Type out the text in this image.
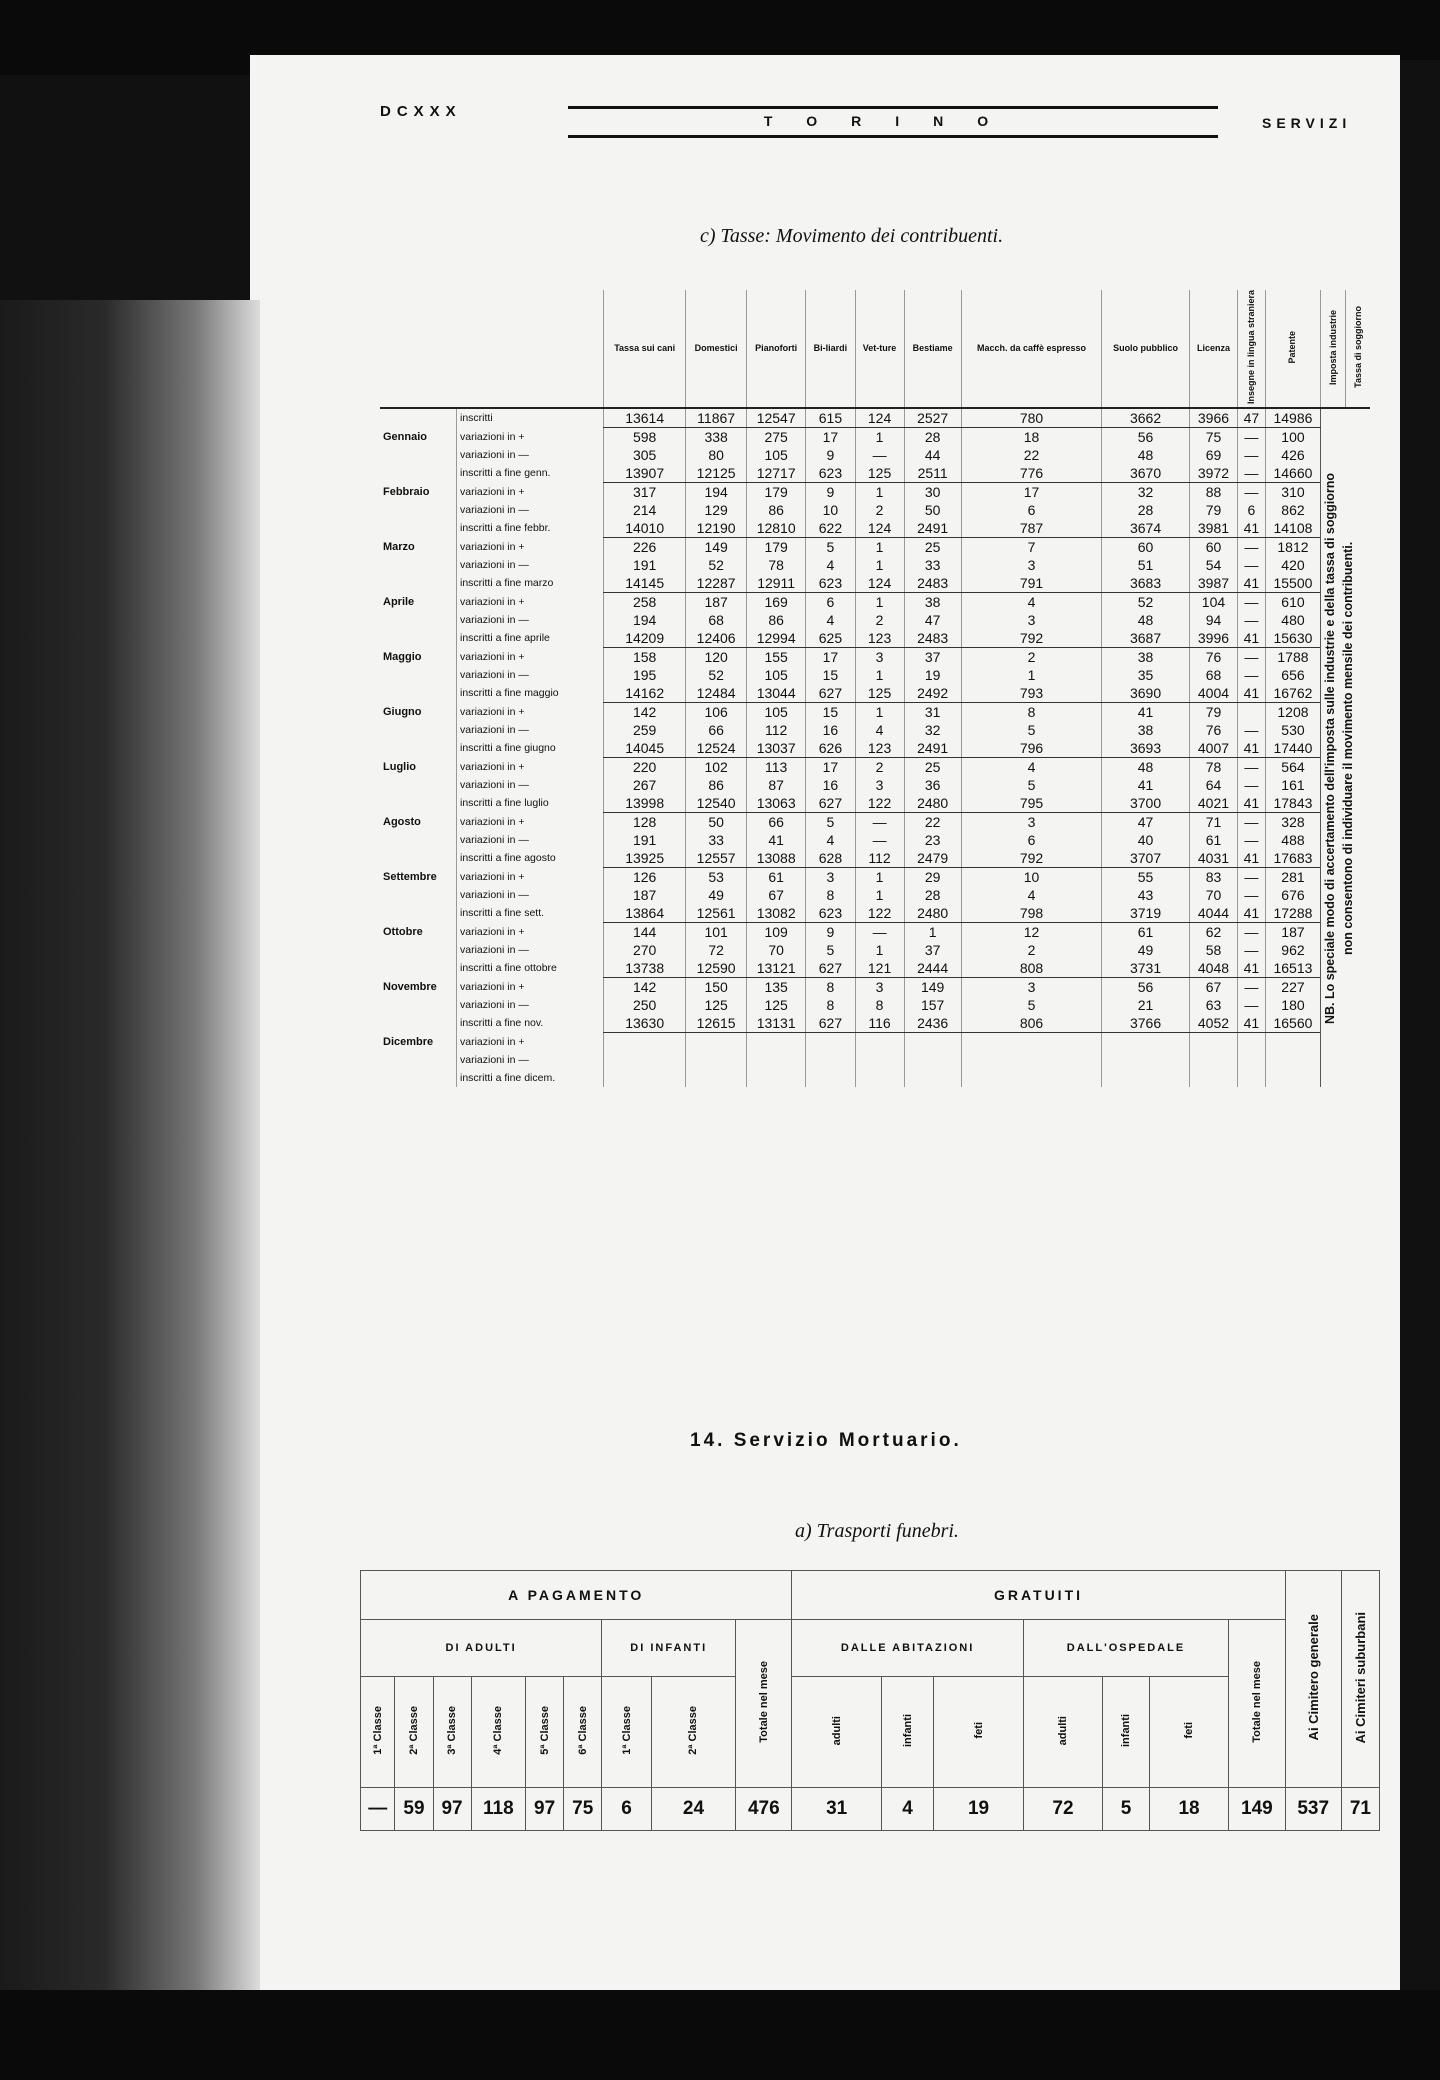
DCXXX
TORINO	SERVIZI
c) Tasse: Movimento dei contribuenti.
		Tassa sui cani	Domestici	Pianoforti	Bi-liardi	Vet-ture	Bestiame	Macch. da caffè espresso	Suolo pubblico	Licenza	Insegne in lingua straniera	Patente	Imposta industrie	Tassa di soggiorno
	inscritti	13614	11867	12547	615	124	2527	780	3662	3966	47	14986	NB. Lo speciale modo di accertamento dell'imposta sulle industrie e della tassa di soggiorno non consentono di individuare il movimento mensile dei contribuenti.	

Gennaio	variazioni in +	598	338	275	17	1	28	18	56	75	—	100		
	variazioni in —	305	80	105	9	—	44	22	48	69	—	426		
	inscritti a fine genn.	13907	12125	12717	623	125	2511	776	3670	3972	—	14660		
Febbraio	variazioni in +	317	194	179	9	1	30	17	32	88	—	310		
	variazioni in —	214	129	86	10	2	50	6	28	79	6	862		
	inscritti a fine febbr.	14010	12190	12810	622	124	2491	787	3674	3981	41	14108		
Marzo	variazioni in +	226	149	179	5	1	25	7	60	60	—	1812		
	variazioni in —	191	52	78	4	1	33	3	51	54	—	420		
	inscritti a fine marzo	14145	12287	12911	623	124	2483	791	3683	3987	41	15500		
Aprile	variazioni in +	258	187	169	6	1	38	4	52	104	—	610		
	variazioni in —	194	68	86	4	2	47	3	48	94	—	480		
	inscritti a fine aprile	14209	12406	12994	625	123	2483	792	3687	3996	41	15630		
Maggio	variazioni in +	158	120	155	17	3	37	2	38	76	—	1788		
	variazioni in —	195	52	105	15	1	19	1	35	68	—	656		
	inscritti a fine maggio	14162	12484	13044	627	125	2492	793	3690	4004	41	16762		
Giugno	variazioni in +	142	106	105	15	1	31	8	41	79		1208		
	variazioni in —	259	66	112	16	4	32	5	38	76	—	530		
	inscritti a fine giugno	14045	12524	13037	626	123	2491	796	3693	4007	41	17440		
Luglio	variazioni in +	220	102	113	17	2	25	4	48	78	—	564		
	variazioni in —	267	86	87	16	3	36	5	41	64	—	161		
	inscritti a fine luglio	13998	12540	13063	627	122	2480	795	3700	4021	41	17843		
Agosto	variazioni in +	128	50	66	5	—	22	3	47	71	—	328		
	variazioni in —	191	33	41	4	—	23	6	40	61	—	488		
	inscritti a fine agosto	13925	12557	13088	628	112	2479	792	3707	4031	41	17683		
Settembre	variazioni in +	126	53	61	3	1	29	10	55	83	—	281		
	variazioni in —	187	49	67	8	1	28	4	43	70	—	676		
	inscritti a fine sett.	13864	12561	13082	623	122	2480	798	3719	4044	41	17288		
Ottobre	variazioni in +	144	101	109	9	—	1	12	61	62	—	187		
	variazioni in —	270	72	70	5	1	37	2	49	58	—	962		
	inscritti a fine ottobre	13738	12590	13121	627	121	2444	808	3731	4048	41	16513		
Novembre	variazioni in +	142	150	135	8	3	149	3	56	67	—	227		
	variazioni in —	250	125	125	8	8	157	5	21	63	—	180		
	inscritti a fine nov.	13630	12615	13131	627	116	2436	806	3766	4052	41	16560		
Dicembre	variazioni in +													
	variazioni in —													
	inscritti a fine dicem.													
14. Servizio Mortuario.
a) Trasporti funebri.
A PAGAMENTO									GRATUITI							Ai Cimitero generale	Ai Cimiteri suburbani
DI ADULTI						DI INFANTI		Totale nel mese	DALLE ABITAZIONI			DALL'OSPEDALE			Totale nel mese		
1ª Classe	2ª Classe	3ª Classe	4ª Classe	5ª Classe	6ª Classe	1ª Classe	2ª Classe		adulti	infanti	feti	adulti	infanti	feti			
—	59	97	118	97	75	6	24	476	31	4	19	72	5	18	149	537	71
